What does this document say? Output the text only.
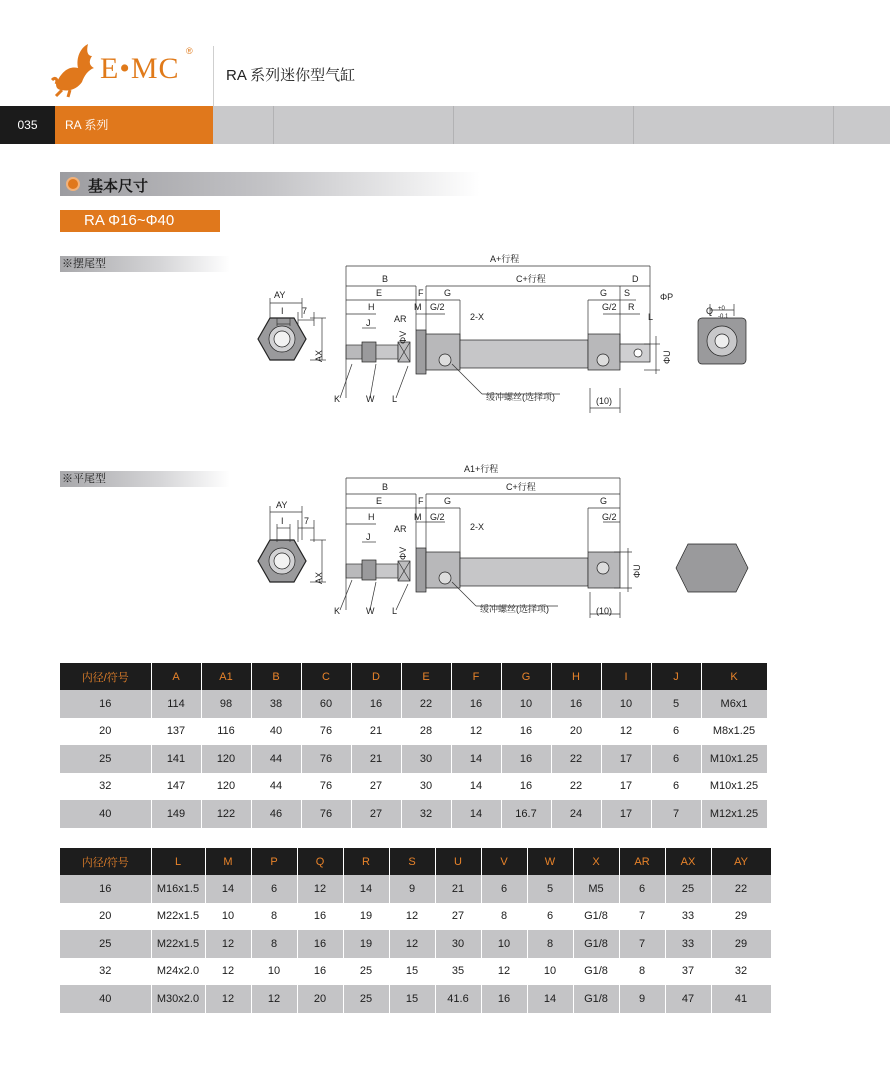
E•MC
®
RA 系列迷你型气缸
035	RA 系列
基本尺寸
RA Φ16~Φ40
※摆尾型
※平尾型
A+行程
B	C+行程	D
E	F G	G S	ΦP
H	M G/2	G/2 R
L
2-X
AR
J
ΦV
ΦU
Q +0
-0.1
AY
I 7
AX
K	W L	缓冲螺丝(选择项)	(10)
A1+行程
B	C+行程
E	F G	G
H	M G/2	G/2
2-X
AR
J
ΦV
ΦU
AY
I 7
AX
K	W L	缓冲螺丝(选择项)	(10)
内径/符号	A	A1	B	C	D	E	F	G	H	I	J	K
16	114	98	38	60	16	22	16	10	16	10	5	M6x1
20	137	116	40	76	21	28	12	16	20	12	6	M8x1.25
25	141	120	44	76	21	30	14	16	22	17	6	M10x1.25
32	147	120	44	76	27	30	14	16	22	17	6	M10x1.25
40	149	122	46	76	27	32	14	16.7	24	17	7	M12x1.25
内径/符号	L	M	P	Q	R	S	U	V	W	X	AR	AX	AY
16	M16x1.5	14	6	12	14	9	21	6	5	M5	6	25	22
20	M22x1.5	10	8	16	19	12	27	8	6	G1/8	7	33	29
25	M22x1.5	12	8	16	19	12	30	10	8	G1/8	7	33	29
32	M24x2.0	12	10	16	25	15	35	12	10	G1/8	8	37	32
40	M30x2.0	12	12	20	25	15	41.6	16	14	G1/8	9	47	41
